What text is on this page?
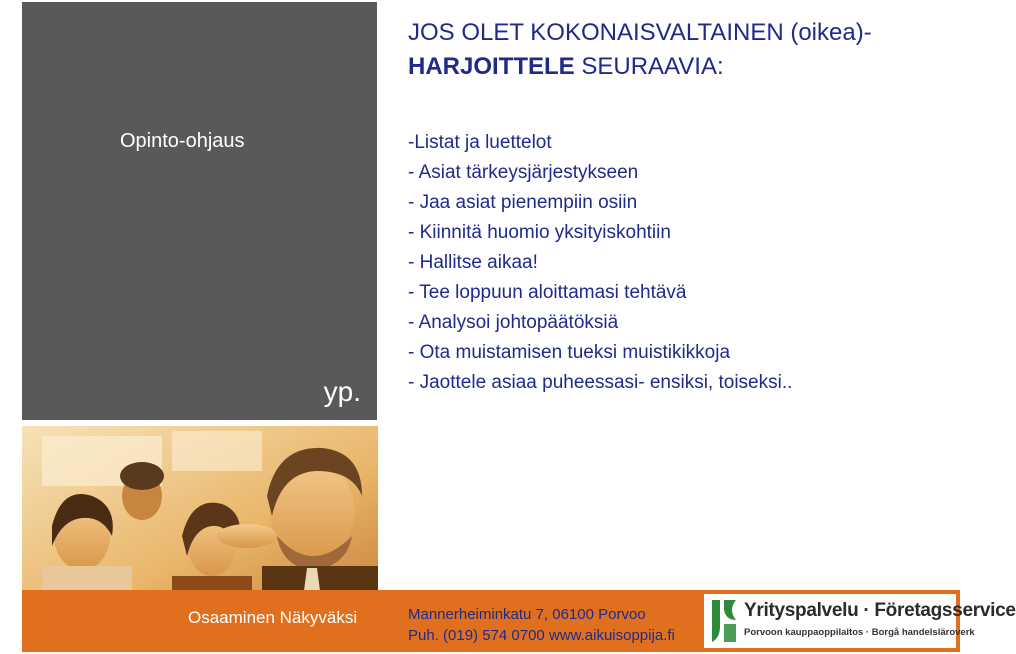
Opinto-ohjaus
yp.
JOS OLET KOKONAISVALTAINEN (oikea)-
HARJOITTELE SEURAAVIA:
-Listat ja luettelot
- Asiat tärkeysjärjestykseen
- Jaa asiat pienempiin osiin
- Kiinnitä huomio yksityiskohtiin
- Hallitse aikaa!
- Tee loppuun aloittamasi tehtävä
- Analysoi johtopäätöksiä
- Ota muistamisen tueksi muistikikkoja
- Jaottele asiaa puheessasi- ensiksi, toiseksi..
Osaaminen Näkyväksi	Mannerheiminkatu 7, 06100 Porvoo
Puh. (019) 574 0700 www.aikuisoppija.fi
Yrityspalvelu · Företagsservice
Porvoon kauppaoppilaitos · Borgå handelsläroverk
